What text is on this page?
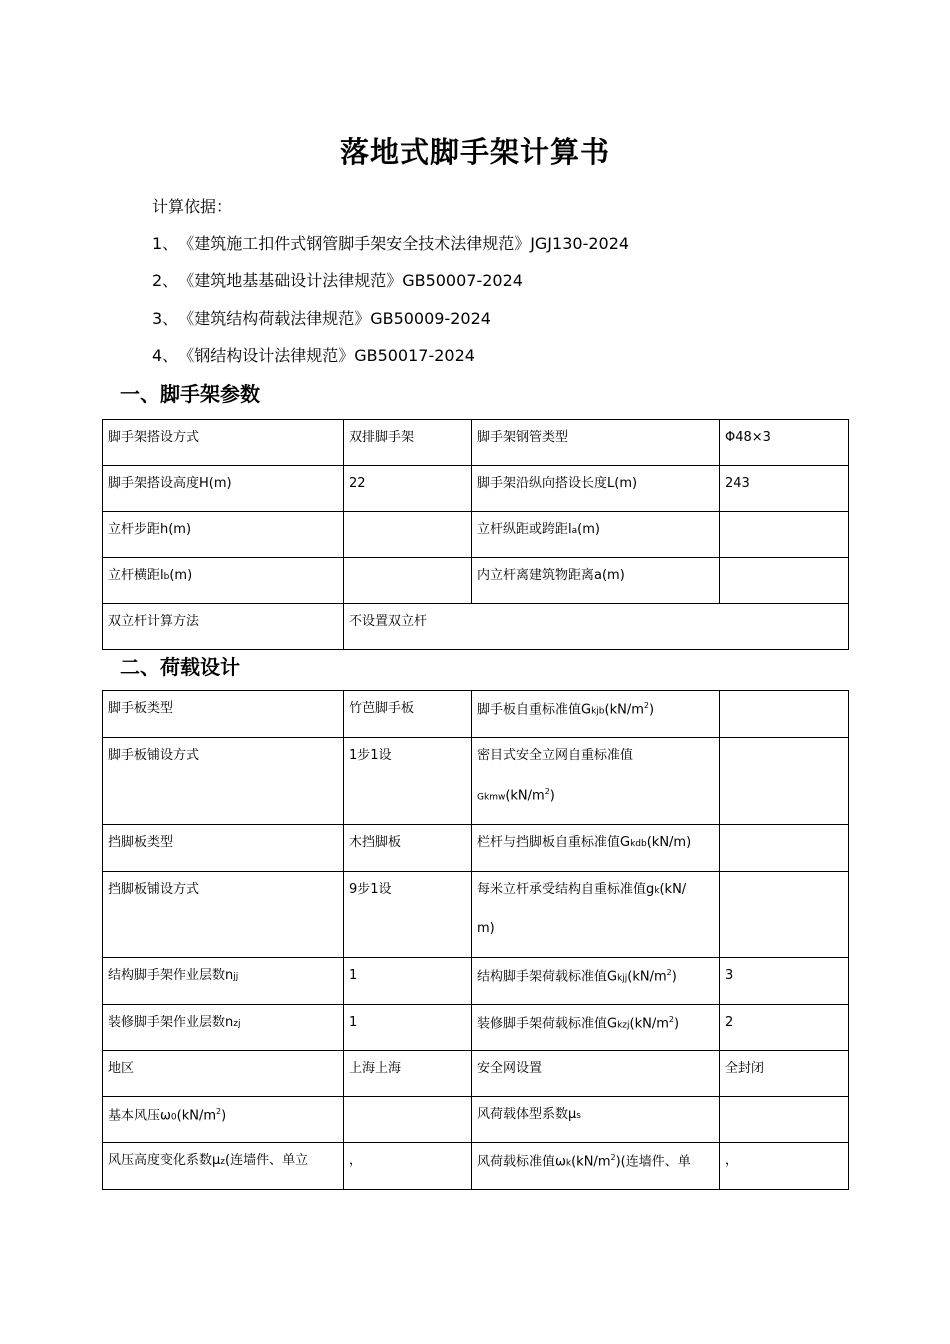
落地式脚手架计算书
计算依据：
1、《建筑施工扣件式钢管脚手架安全技术法律规范》JGJ130-2024
2、《建筑地基基础设计法律规范》GB50007-2024
3、《建筑结构荷载法律规范》GB50009-2024
4、《钢结构设计法律规范》GB50017-2024
一、脚手架参数
脚手架搭设方式	双排脚手架	脚手架钢管类型	Φ48×3
脚手架搭设高度H(m)	22	脚手架沿纵向搭设长度L(m)	243
立杆步距h(m)		立杆纵距或跨距la(m)	
立杆横距lb(m)		内立杆离建筑物距离a(m)	
双立杆计算方法	不设置双立杆		
二、荷载设计
脚手板类型	竹芭脚手板	脚手板自重标准值$Gkjb(kN/m^2)$	
脚手板铺设方式	1步1设	密目式安全立网自重标准值
$Gkmw(kN/m^2)$	

挡脚板类型	木挡脚板	栏杆与挡脚板自重标准值Gkdb(kN/m)	
挡脚板铺设方式	9步1设	每米立杆承受结构自重标准值gk(kN/
m)	

结构脚手架作业层数njj	1	结构脚手架荷载标准值$Gkjj(kN/m^2)$	3
装修脚手架作业层数nzj	1	装修脚手架荷载标准值$Gkzj(kN/m^2)$	2
地区	上海上海	安全网设置	全封闭
基本风压$\omega 0(kN/m^2)$		风荷载体型系数μs	
风压高度变化系数μz(连墙件、单立	，	风荷载标准值$\omega k(kN/m^2)$(连墙件、单	，
